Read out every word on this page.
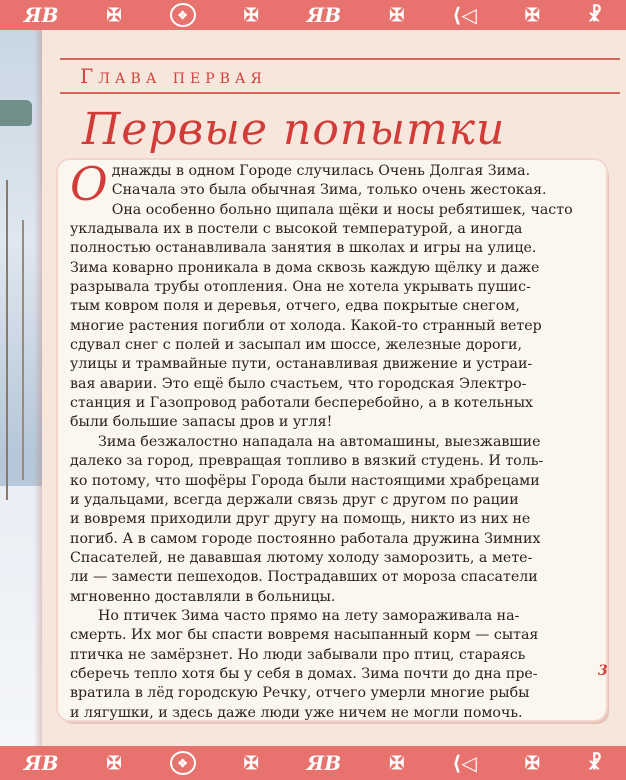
ЯВ	✠	✥	✠ ЯВ	✠ ⟨◁	✠	☧
Глава первая
Первые попытки
О днажды в одном Городе случилась Очень Долгая Зима.
Сначала это была обычная Зима, только очень жестокая.
Она особенно больно щипала щёки и носы ребятишек, часто
укладывала их в постели с высокой температурой, а иногда
полностью останавливала занятия в школах и игры на улице.
Зима коварно проникала в дома сквозь каждую щёлку и даже
разрывала трубы отопления. Она не хотела укрывать пушис-
тым ковром поля и деревья, отчего, едва покрытые снегом,
многие растения погибли от холода. Какой-то странный ветер
сдувал снег с полей и засыпал им шоссе, железные дороги,
улицы и трамвайные пути, останавливая движение и устраи-
вая аварии. Это ещё было счастьем, что городская Электро-
станция и Газопровод работали бесперебойно, а в котельных
были большие запасы дров и угля!
Зима безжалостно нападала на автомашины, выезжавшие
далеко за город, превращая топливо в вязкий студень. И толь-
ко потому, что шофёры Города были настоящими храбрецами
и удальцами, всегда держали связь друг с другом по рации
и вовремя приходили друг другу на помощь, никто из них не
погиб. А в самом городе постоянно работала дружина Зимних
Спасателей, не дававшая лютому холоду заморозить, а мете-
ли — замести пешеходов. Пострадавших от мороза спасатели
мгновенно доставляли в больницы.
Но птичек Зима часто прямо на лету замораживала на-
смерть. Их мог бы спасти вовремя насыпанный корм — сытая
птичка не замёрзнет. Но люди забывали про птиц, стараясь
сберечь тепло хотя бы у себя в домах. Зима почти до дна пре-
вратила в лёд городскую Речку, отчего умерли многие рыбы
и лягушки, и здесь даже люди уже ничем не могли помочь.
3
ЯВ	✠	✥	✠ ЯВ	✠ ⟨◁	✠	☧
